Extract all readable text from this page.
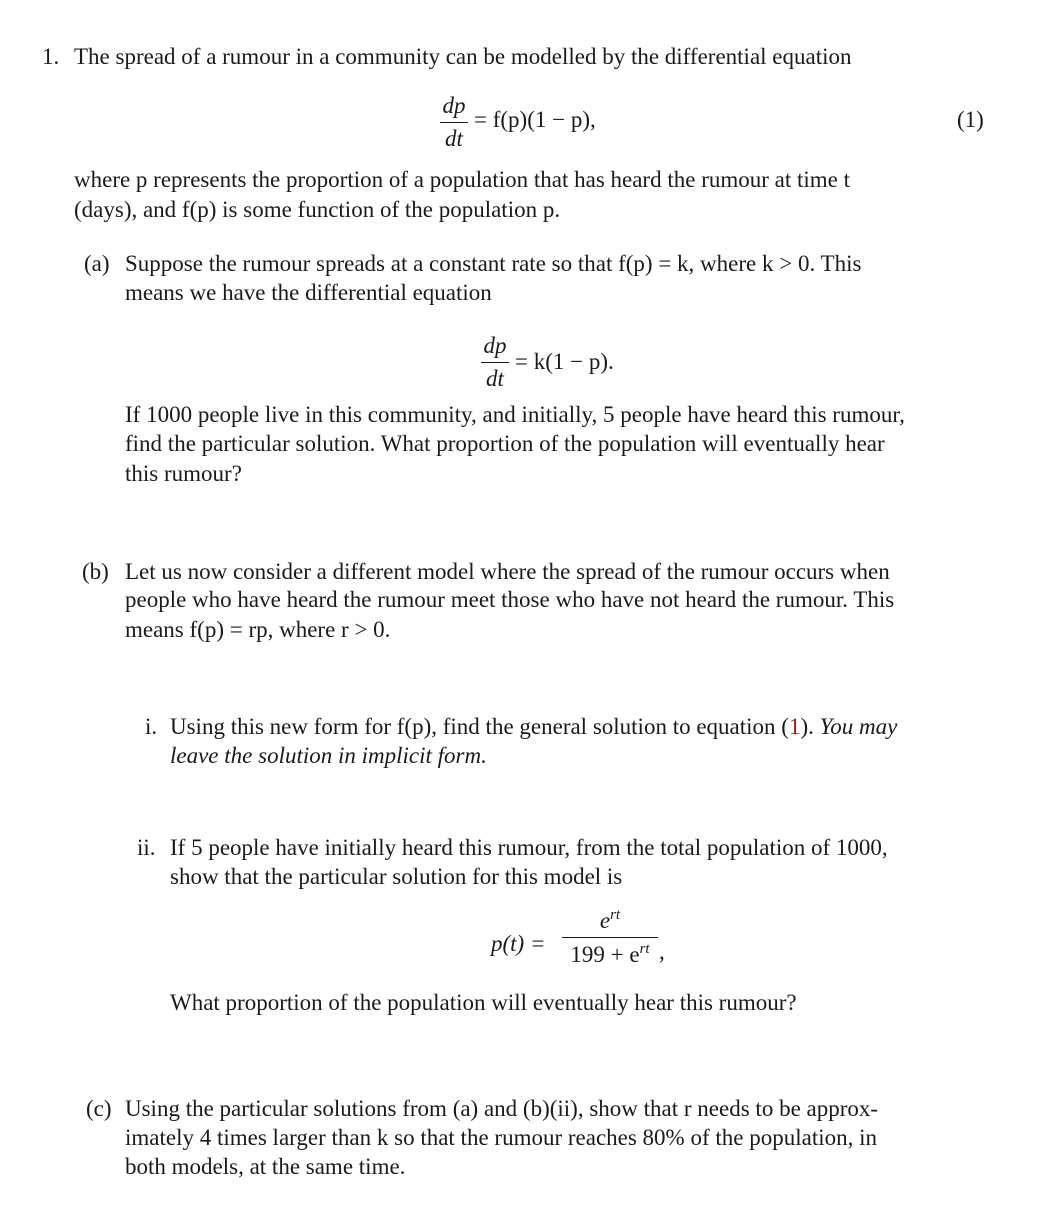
1. The spread of a rumour in a community can be modelled by the differential equation
dp
dt
= f(p)(1 − p),	(1)
where p represents the proportion of a population that has heard the rumour at time t
(days), and f(p) is some function of the population p.
(a) Suppose the rumour spreads at a constant rate so that f(p) = k, where k > 0. This
means we have the differential equation
dp
dt
= k(1 − p).
If 1000 people live in this community, and initially, 5 people have heard this rumour,
find the particular solution. What proportion of the population will eventually hear
this rumour?
(b) Let us now consider a different model where the spread of the rumour occurs when
people who have heard the rumour meet those who have not heard the rumour. This
means f(p) = rp, where r > 0.
i. Using this new form for f(p), find the general solution to equation (1). You may
leave the solution in implicit form.
ii. If 5 people have initially heard this rumour, from the total population of 1000,
show that the particular solution for this model is
p(t) =
$e^{rt}$
$199 + e^{rt}$ ,
What proportion of the population will eventually hear this rumour?
(c) Using the particular solutions from (a) and (b)(ii), show that r needs to be approx-
imately 4 times larger than k so that the rumour reaches 80% of the population, in
both models, at the same time.
